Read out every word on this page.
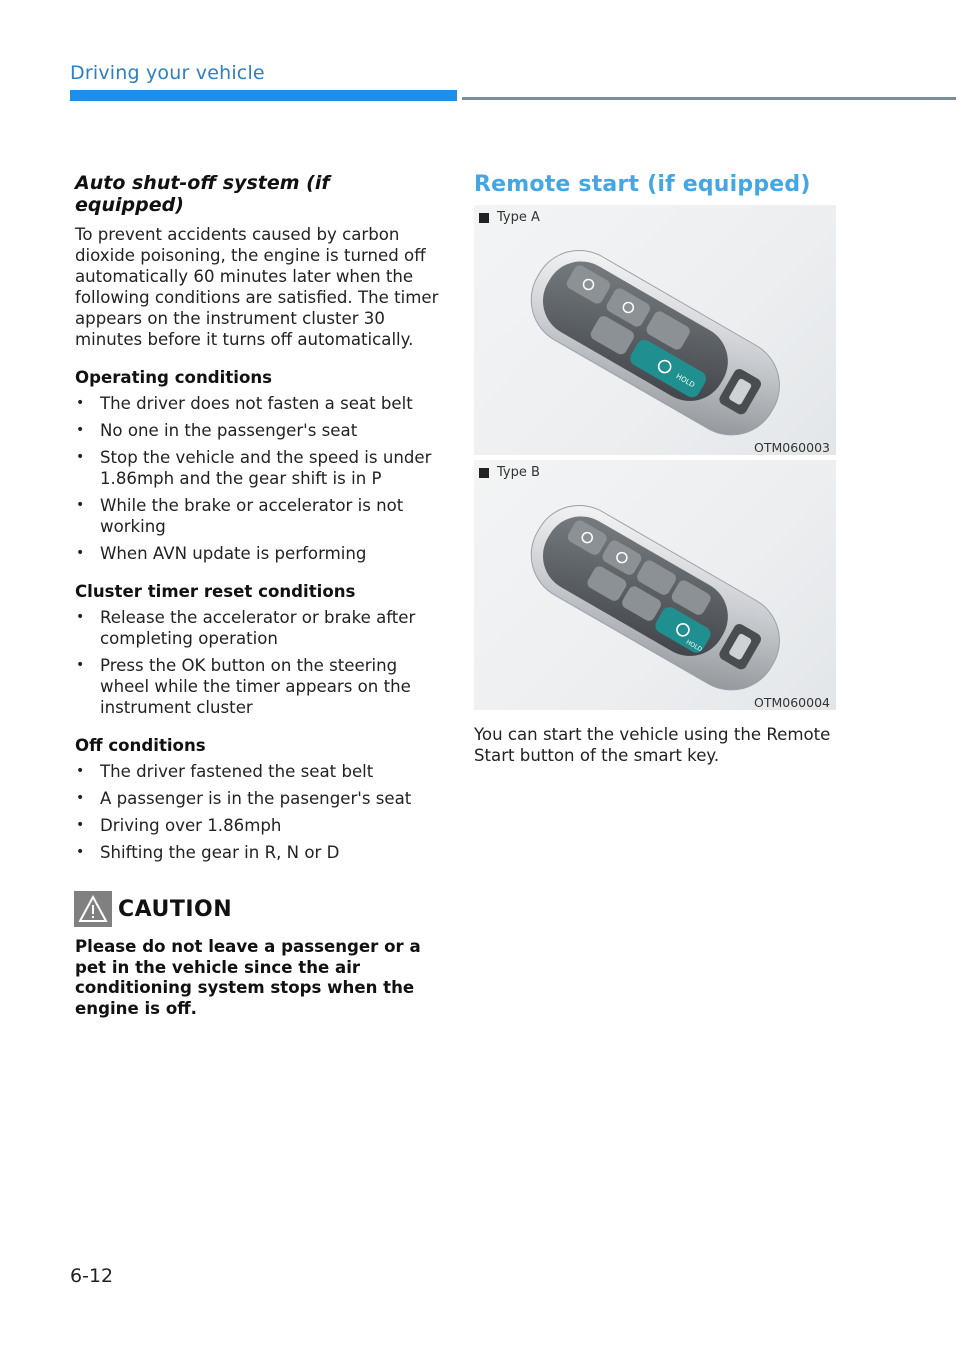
Driving your vehicle
Auto shut-off system (if equipped)

To prevent accidents caused by carbon dioxide poisoning, the engine is turned off automatically 60 minutes later when the following conditions are satisfied. The timer appears on the instrument cluster 30 minutes before it turns off automatically.

Operating conditions
• The driver does not fasten a seat belt
• No one in the passenger's seat
• Stop the vehicle and the speed is under 1.86mph and the gear shift is in P
• While the brake or accelerator is not working
• When AVN update is performing
Cluster timer reset conditions
• Release the accelerator or brake after completing operation
• Press the OK button on the steering wheel while the timer appears on the instrument cluster
Off conditions
• The driver fastened the seat belt
• A passenger is in the pasenger's seat
• Driving over 1.86mph
• Shifting the gear in R, N or D
CAUTION

Please do not leave a passenger or a pet in the vehicle since the air conditioning system stops when the engine is off.

Remote start (if equipped)
HOLD
Type A
OTM060003
HOLD
Type B
OTM060004

You can start the vehicle using the Remote Start button of the smart key.

6-12
